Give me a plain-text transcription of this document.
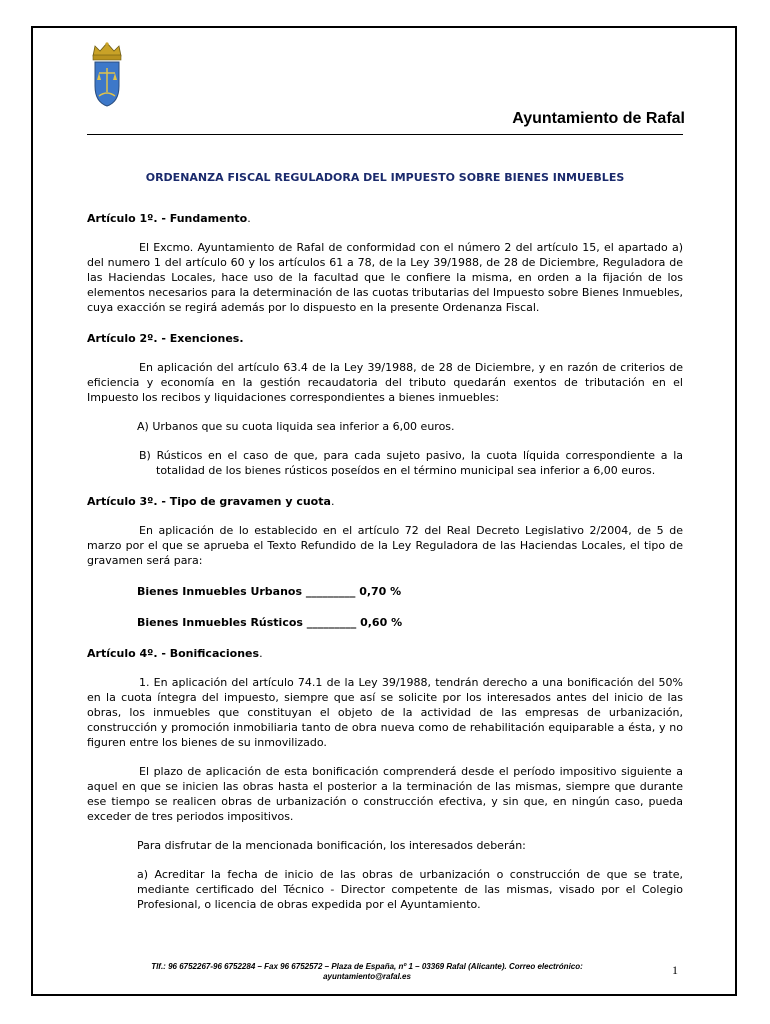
Ayuntamiento de Rafal
ORDENANZA FISCAL REGULADORA DEL IMPUESTO SOBRE BIENES INMUEBLES

Artículo 1º. - Fundamento.

El Excmo. Ayuntamiento de Rafal de conformidad con el número 2 del artículo 15, el apartado a) del numero 1 del artículo 60 y los artículos 61 a 78, de la Ley 39/1988, de 28 de Diciembre, Reguladora de las Haciendas Locales, hace uso de la facultad que le confiere la misma, en orden a la fijación de los elementos necesarios para la determinación de las cuotas tributarias del Impuesto sobre Bienes Inmuebles, cuya exacción se regirá además por lo dispuesto en la presente Ordenanza Fiscal.

Artículo 2º. - Exenciones.

En aplicación del artículo 63.4 de la Ley 39/1988, de 28 de Diciembre, y en razón de criterios de eficiencia y economía en la gestión recaudatoria del tributo quedarán exentos de tributación en el Impuesto los recibos y liquidaciones correspondientes a bienes inmuebles:

A) Urbanos que su cuota liquida sea inferior a 6,00 euros.

B) Rústicos en el caso de que, para cada sujeto pasivo, la cuota líquida correspondiente a la totalidad de los bienes rústicos poseídos en el término municipal sea inferior a 6,00 euros.

Artículo 3º. - Tipo de gravamen y cuota.

En aplicación de lo establecido en el artículo 72 del Real Decreto Legislativo 2/2004, de 5 de marzo por el que se aprueba el Texto Refundido de la Ley Reguladora de las Haciendas Locales, el tipo de gravamen será para:

Bienes Inmuebles Urbanos _________ 0,70 %

Bienes Inmuebles Rústicos _________ 0,60 %

Artículo 4º. - Bonificaciones.

1. En aplicación del artículo 74.1 de la Ley 39/1988, tendrán derecho a una bonificación del 50% en la cuota íntegra del impuesto, siempre que así se solicite por los interesados antes del inicio de las obras, los inmuebles que constituyan el objeto de la actividad de las empresas de urbanización, construcción y promoción inmobiliaria tanto de obra nueva como de rehabilitación equiparable a ésta, y no figuren entre los bienes de su inmovilizado.

El plazo de aplicación de esta bonificación comprenderá desde el período impositivo siguiente a aquel en que se inicien las obras hasta el posterior a la terminación de las mismas, siempre que durante ese tiempo se realicen obras de urbanización o construcción efectiva, y sin que, en ningún caso, pueda exceder de tres periodos impositivos.

Para disfrutar de la mencionada bonificación, los interesados deberán:

a) Acreditar la fecha de inicio de las obras de urbanización o construcción de que se trate, mediante certificado del Técnico - Director competente de las mismas, visado por el Colegio Profesional, o licencia de obras expedida por el Ayuntamiento.

Tlf.: 96 6752267-96 6752284 – Fax 96 6752572 – Plaza de España, nº 1 – 03369 Rafal (Alicante). Correo electrónico:
ayuntamiento@rafal.es	1
